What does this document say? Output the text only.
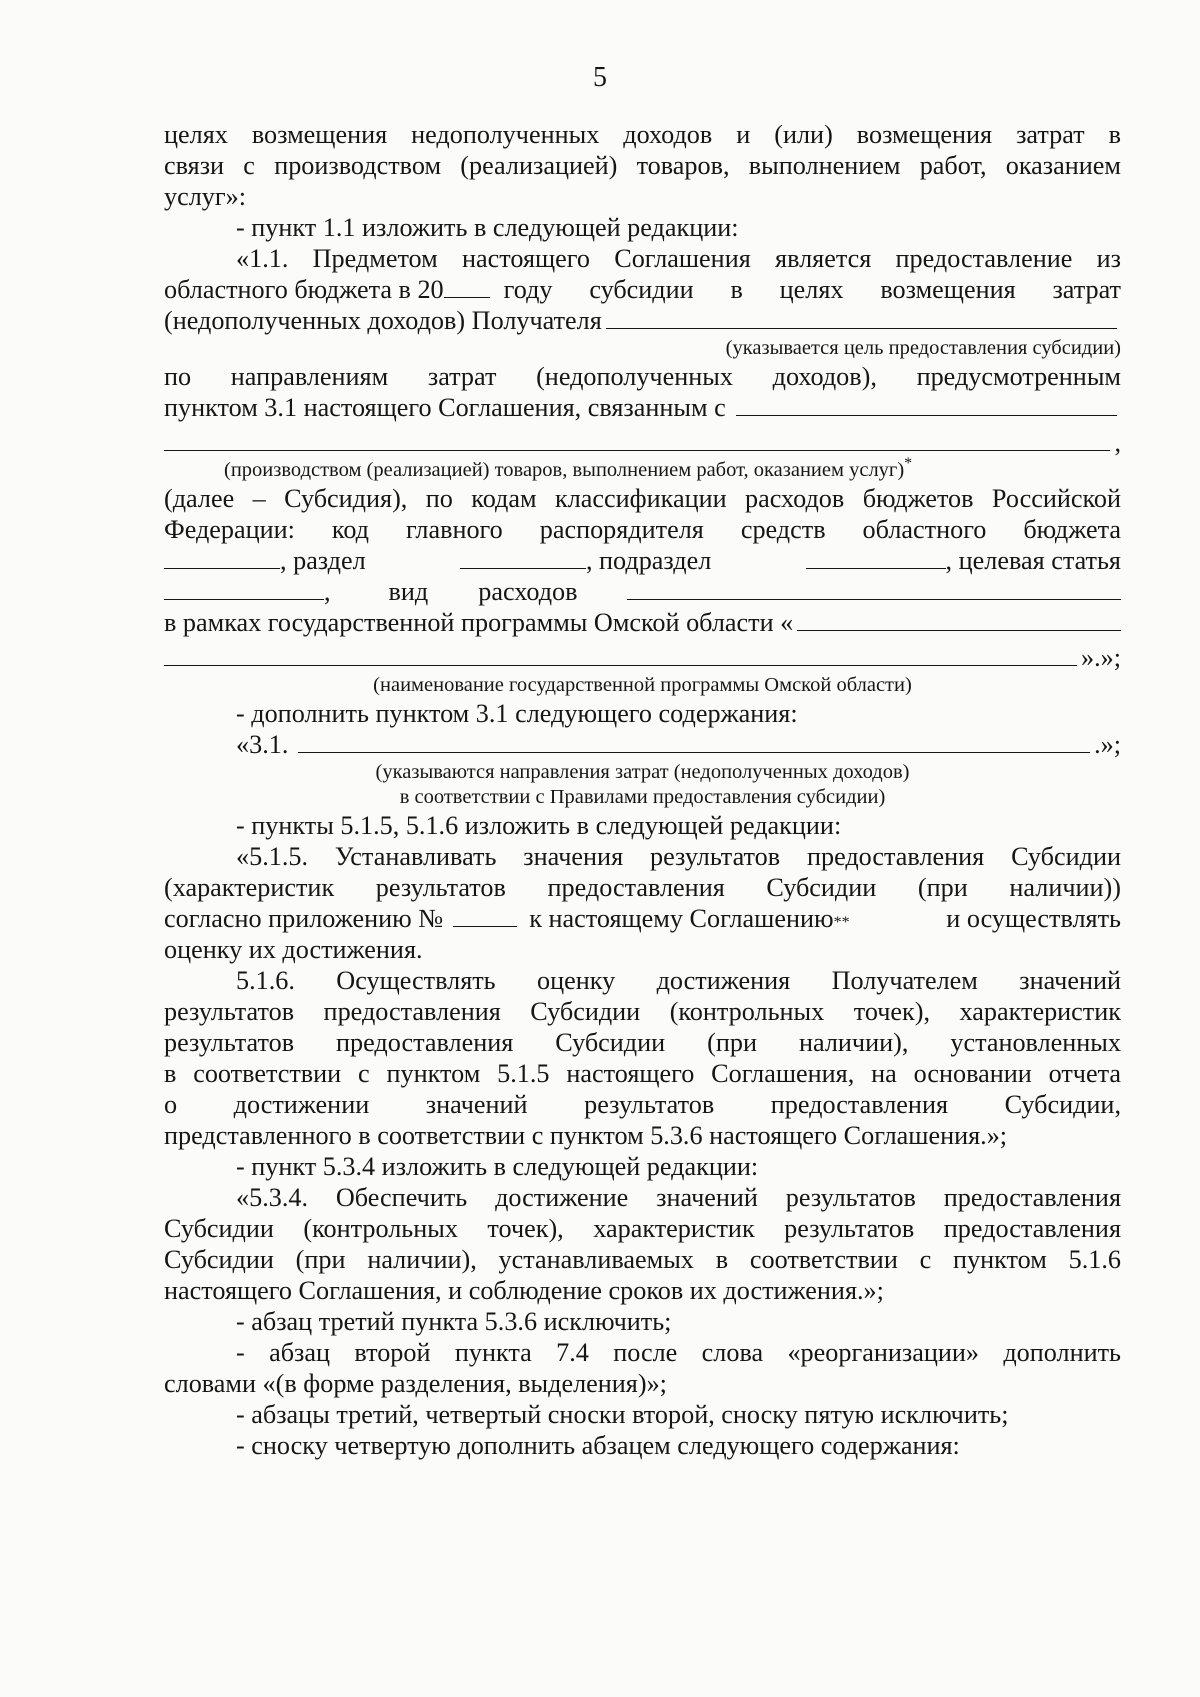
5

целях возмещения недополученных доходов и (или) возмещения затрат в

связи с производством (реализацией) товаров, выполнением работ, оказанием

услуг»:

- пункт 1.1 изложить в следующей редакции:

«1.1. Предметом настоящего Соглашения является предоставление из

областного бюджета в 20 году субсидии в целях возмещения затрат
(недополученных доходов) Получателя

(указывается цель предоставления субсидии)

по направлениям затрат (недополученных доходов), предусмотренным

пунктом 3.1 настоящего Соглашения, связанным с
,

(производством (реализацией) товаров, выполнением работ, оказанием услуг)*

(далее – Субсидия), по кодам классификации расходов бюджетов Российской

Федерации: код главного распорядителя средств областного бюджета

, раздел	, подраздел	, целевая статья
, вид расходов
в рамках государственной программы Омской области «
».»;

(наименование государственной программы Омской области)

- дополнить пунктом 3.1 следующего содержания:

«3.1.	.»;

(указываются направления затрат (недополученных доходов)

в соответствии с Правилами предоставления субсидии)

- пункты 5.1.5, 5.1.6 изложить в следующей редакции:

«5.1.5. Устанавливать значения результатов предоставления Субсидии

(характеристик результатов предоставления Субсидии (при наличии))

согласно приложению №	к настоящему Соглашению **	и осуществлять

оценку их достижения.

5.1.6. Осуществлять оценку достижения Получателем значений

результатов предоставления Субсидии (контрольных точек), характеристик

результатов предоставления Субсидии (при наличии), установленных

в соответствии с пунктом 5.1.5 настоящего Соглашения, на основании отчета

о достижении значений результатов предоставления Субсидии,

представленного в соответствии с пунктом 5.3.6 настоящего Соглашения.»;

- пункт 5.3.4 изложить в следующей редакции:

«5.3.4. Обеспечить достижение значений результатов предоставления

Субсидии (контрольных точек), характеристик результатов предоставления

Субсидии (при наличии), устанавливаемых в соответствии с пунктом 5.1.6

настоящего Соглашения, и соблюдение сроков их достижения.»;

- абзац третий пункта 5.3.6 исключить;

- абзац второй пункта 7.4 после слова «реорганизации» дополнить

словами «(в форме разделения, выделения)»;

- абзацы третий, четвертый сноски второй, сноску пятую исключить;

- сноску четвертую дополнить абзацем следующего содержания:
